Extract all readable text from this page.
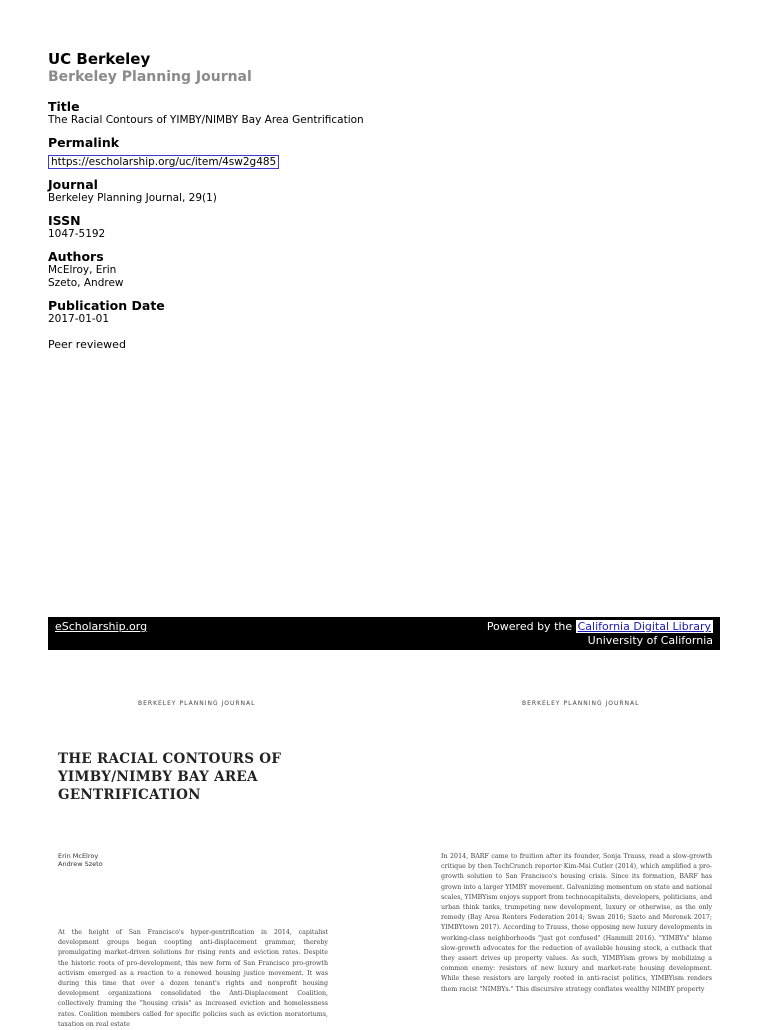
UC Berkeley
Berkeley Planning Journal
Title
The Racial Contours of YIMBY/NIMBY Bay Area Gentrification
Permalink
https://escholarship.org/uc/item/4sw2g485
Journal
Berkeley Planning Journal, 29(1)
ISSN
1047-5192
Authors
McElroy, Erin
Szeto, Andrew
Publication Date
2017-01-01
Peer reviewed
eScholarship.org	Powered by the California Digital Library
University of California
BERKELEY PLANNING JOURNAL	BERKELEY PLANNING JOURNAL
THE RACIAL CONTOURS OF
YIMBY/NIMBY BAY AREA
GENTRIFICATION
Erin McElroy
Andrew Szeto
At the height of San Francisco's hyper-gentrification in 2014, capitalist development groups began coopting anti-displacement grammar, thereby promulgating market-driven solutions for rising rents and eviction rates. Despite the historic roots of pro-development, this new form of San Francisco pro-growth activism emerged as a reaction to a renewed housing justice movement. It was during this time that over a dozen tenant's rights and nonprofit housing development organizations consolidated the Anti-Displacement Coalition, collectively framing the "housing crisis" as increased eviction and homelessness rates. Coalition members called for specific policies such as eviction moratoriums, taxation on real estate
In 2014, BARF came to fruition after its founder, Sonja Trauss, read a slow-growth critique by then TechCrunch reporter Kim-Mai Cutler (2014), which amplified a pro-growth solution to San Francisco's housing crisis. Since its formation, BARF has grown into a larger YIMBY movement. Galvanizing momentum on state and national scales, YIMBYism enjoys support from technocapitalists, developers, politicians, and urban think tanks, trumpeting new development, luxury or otherwise, as the only remedy (Bay Area Renters Federation 2014; Swan 2016; Szeto and Meronek 2017; YIMBYtown 2017). According to Trauss, those opposing new luxury developments in working-class neighborhoods "just got confused" (Hammill 2016). "YIMBYs" blame slow-growth advocates for the reduction of available housing stock, a cutback that they assert drives up property values. As such, YIMBYism grows by mobilizing a common enemy: resistors of new luxury and market-rate housing development. While these resistors are largely rooted in anti-racist politics, YIMBYism renders them racist "NIMBYs." This discursive strategy conflates wealthy NIMBY property
